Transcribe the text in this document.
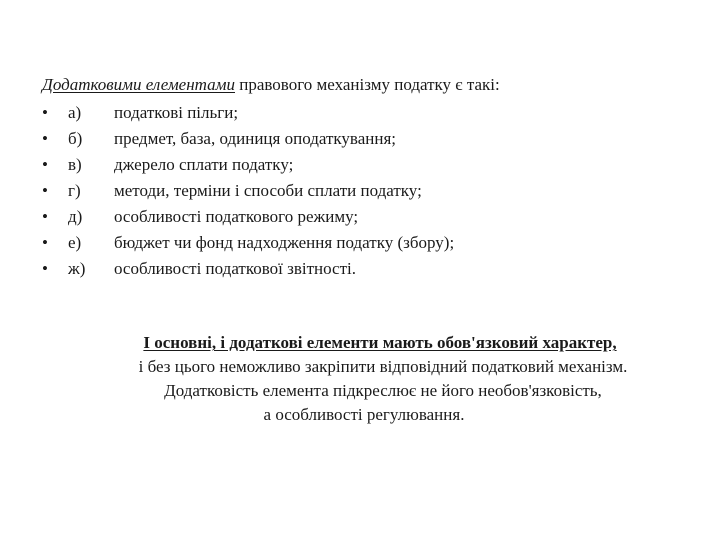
Додатковими елементами правового механізму податку є такі:
•	а)	податкові пільги;
•	б)	предмет, база, одиниця оподаткування;
•	в)	джерело сплати податку;
•	г)	методи, терміни і способи сплати податку;
•	д)	особливості податкового режиму;
•	е)	бюджет чи фонд надходження податку (збору);
•	ж)	особливості податкової звітності.
І основні, і додаткові елементи мають обов'язковий характер,
і без цього неможливо закріпити відповідний податковий механізм.
Додатковість елемента підкреслює не його необов'язковість,
а особливості регулювання.
